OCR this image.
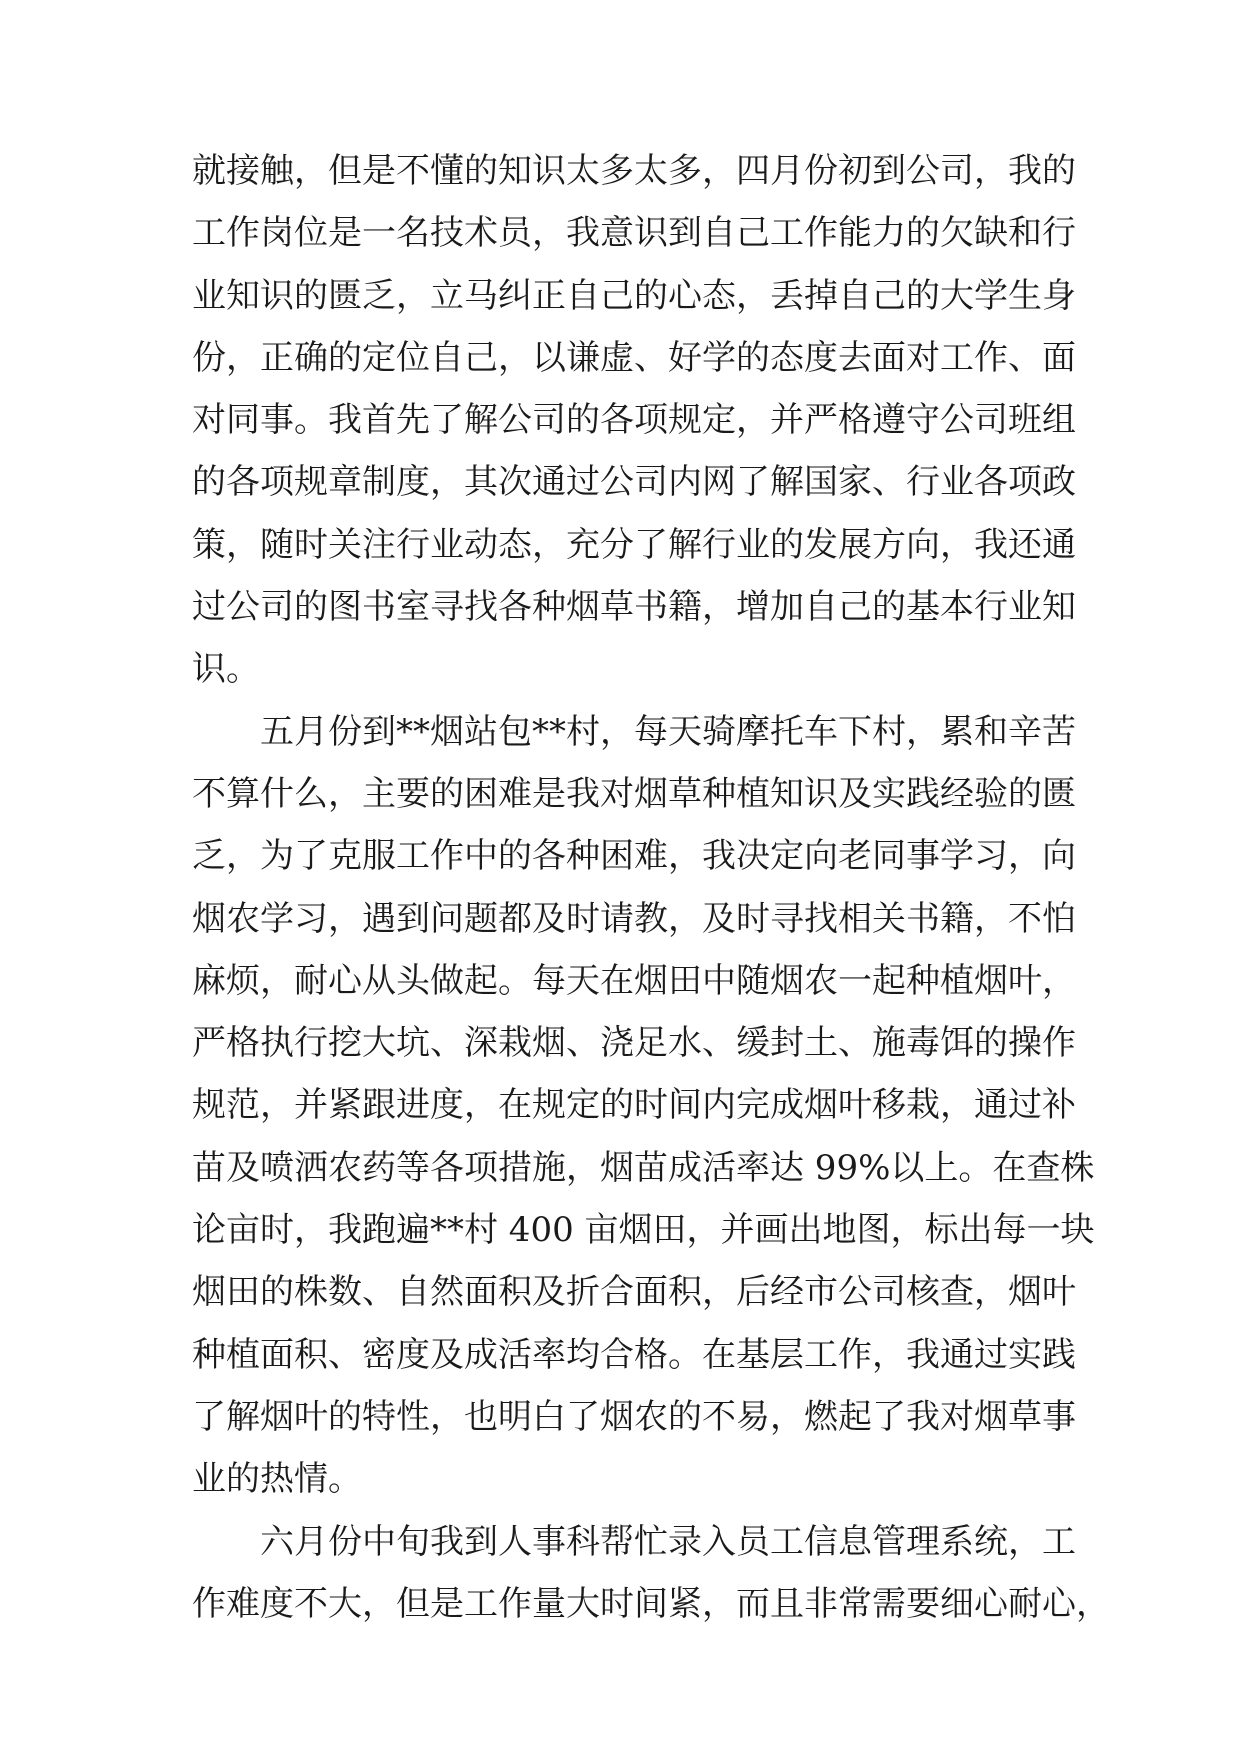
就接触，但是不懂的知识太多太多，四月份初到公司，我的
工作岗位是一名技术员，我意识到自己工作能力的欠缺和行
业知识的匮乏，立马纠正自己的心态，丢掉自己的大学生身
份，正确的定位自己，以谦虚、好学的态度去面对工作、面
对同事。我首先了解公司的各项规定，并严格遵守公司班组
的各项规章制度，其次通过公司内网了解国家、行业各项政
策，随时关注行业动态，充分了解行业的发展方向，我还通
过公司的图书室寻找各种烟草书籍，增加自己的基本行业知
识。
五月份到**烟站包**村，每天骑摩托车下村，累和辛苦
不算什么，主要的困难是我对烟草种植知识及实践经验的匮
乏，为了克服工作中的各种困难，我决定向老同事学习，向
烟农学习，遇到问题都及时请教，及时寻找相关书籍，不怕
麻烦，耐心从头做起。每天在烟田中随烟农一起种植烟叶，
严格执行挖大坑、深栽烟、浇足水、缓封土、施毒饵的操作
规范，并紧跟进度，在规定的时间内完成烟叶移栽，通过补
苗及喷洒农药等各项措施，烟苗成活率达 99%以上。在查株
论亩时，我跑遍**村 400 亩烟田，并画出地图，标出每一块
烟田的株数、自然面积及折合面积，后经市公司核查，烟叶
种植面积、密度及成活率均合格。在基层工作，我通过实践
了解烟叶的特性，也明白了烟农的不易，燃起了我对烟草事
业的热情。
六月份中旬我到人事科帮忙录入员工信息管理系统，工
作难度不大，但是工作量大时间紧，而且非常需要细心耐心，
